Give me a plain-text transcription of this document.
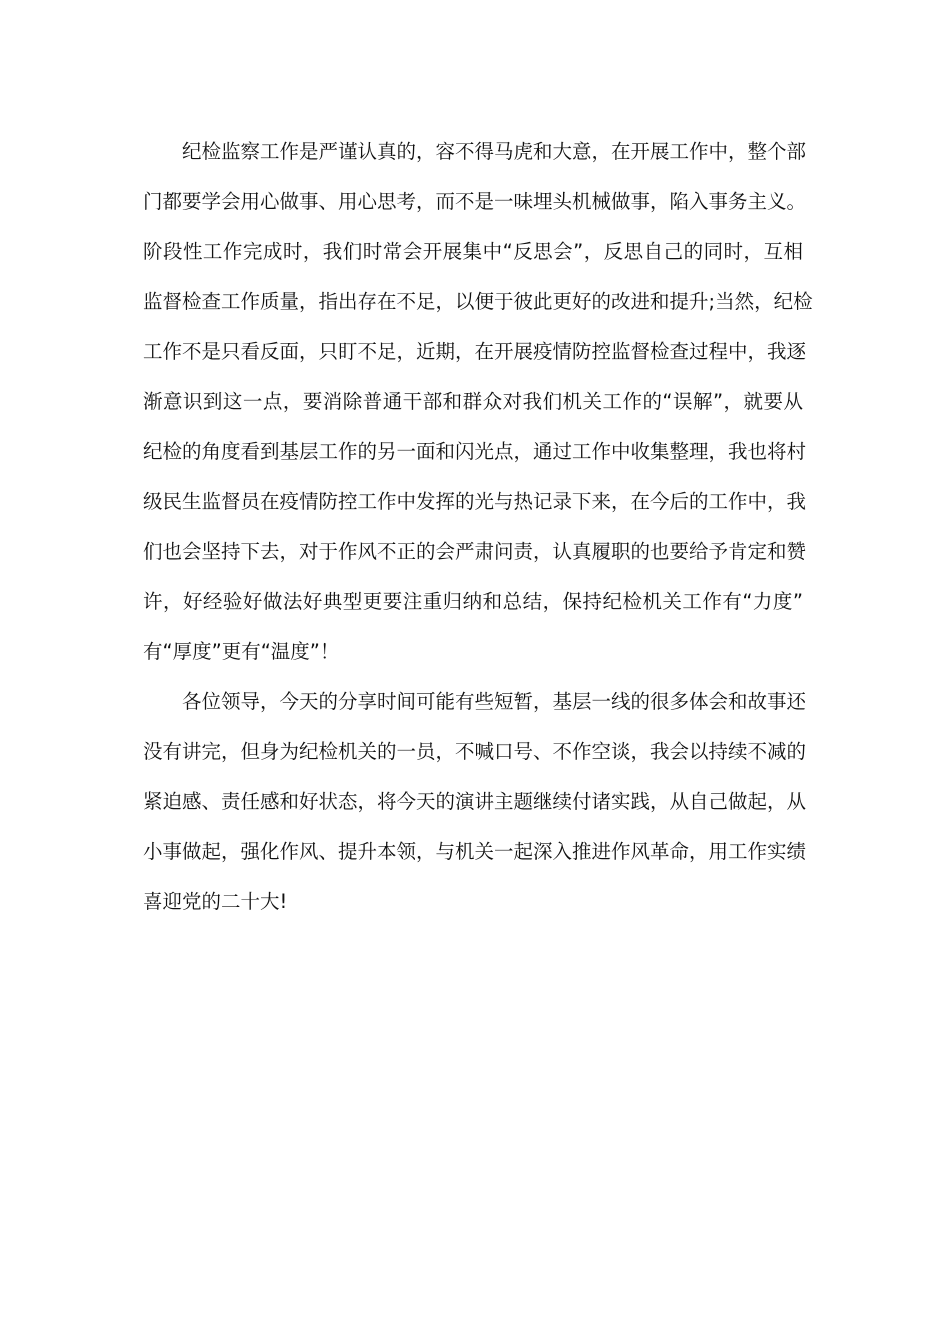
纪检监察工作是严谨认真的，容不得马虎和大意，在开展工作中，整个部
门都要学会用心做事、用心思考，而不是一味埋头机械做事，陷入事务主义。
阶段性工作完成时，我们时常会开展集中“反思会”，反思自己的同时，互相
监督检查工作质量，指出存在不足，以便于彼此更好的改进和提升;当然，纪检
工作不是只看反面，只盯不足，近期，在开展疫情防控监督检查过程中，我逐
渐意识到这一点，要消除普通干部和群众对我们机关工作的“误解”，就要从
纪检的角度看到基层工作的另一面和闪光点，通过工作中收集整理，我也将村
级民生监督员在疫情防控工作中发挥的光与热记录下来，在今后的工作中，我
们也会坚持下去，对于作风不正的会严肃问责，认真履职的也要给予肯定和赞
许，好经验好做法好典型更要注重归纳和总结，保持纪检机关工作有“力度”
有“厚度”更有“温度”！
各位领导，今天的分享时间可能有些短暂，基层一线的很多体会和故事还
没有讲完，但身为纪检机关的一员，不喊口号、不作空谈，我会以持续不减的
紧迫感、责任感和好状态，将今天的演讲主题继续付诸实践，从自己做起，从
小事做起，强化作风、提升本领，与机关一起深入推进作风革命，用工作实绩
喜迎党的二十大!
